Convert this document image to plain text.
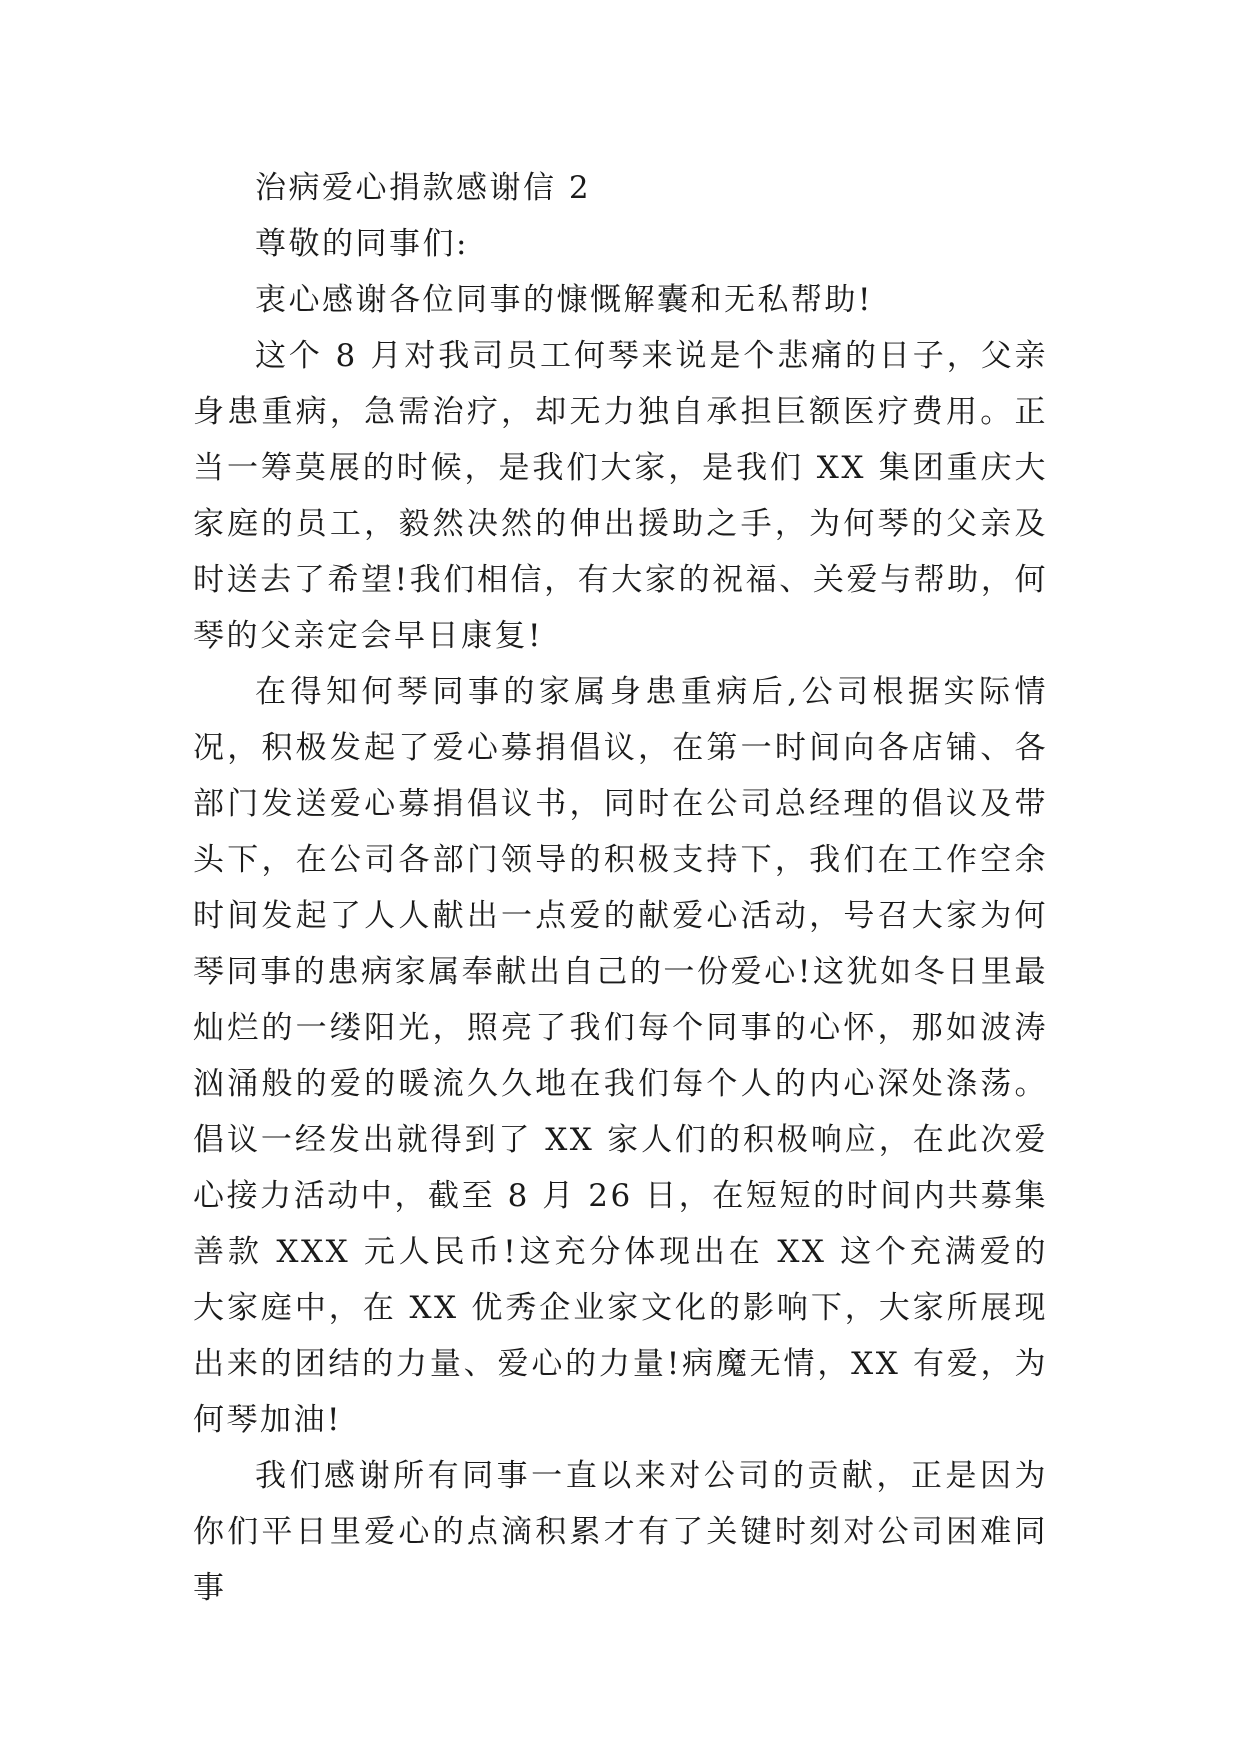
治病爱心捐款感谢信 2

尊敬的同事们:

衷心感谢各位同事的慷慨解囊和无私帮助!

这个 8 月对我司员工何琴来说是个悲痛的日子，父亲身患重病，急需治疗，却无力独自承担巨额医疗费用。正当一筹莫展的时候，是我们大家，是我们 XX 集团重庆大家庭的员工，毅然决然的伸出援助之手，为何琴的父亲及时送去了希望!我们相信，有大家的祝福、关爱与帮助，何琴的父亲定会早日康复!

在得知何琴同事的家属身患重病后,公司根据实际情况，积极发起了爱心募捐倡议，在第一时间向各店铺、各部门发送爱心募捐倡议书，同时在公司总经理的倡议及带头下，在公司各部门领导的积极支持下，我们在工作空余时间发起了人人献出一点爱的献爱心活动，号召大家为何琴同事的患病家属奉献出自己的一份爱心!这犹如冬日里最灿烂的一缕阳光，照亮了我们每个同事的心怀，那如波涛汹涌般的爱的暖流久久地在我们每个人的内心深处涤荡。 倡议一经发出就得到了 XX 家人们的积极响应，在此次爱心接力活动中，截至 8 月 26 日，在短短的时间内共募集善款 XXX 元人民币!这充分体现出在 XX 这个充满爱的大家庭中，在 XX 优秀企业家文化的影响下，大家所展现出来的团结的力量、爱心的力量!病魔无情，XX 有爱，为何琴加油!

我们感谢所有同事一直以来对公司的贡献，正是因为你们平日里爱心的点滴积累才有了关键时刻对公司困难同事
